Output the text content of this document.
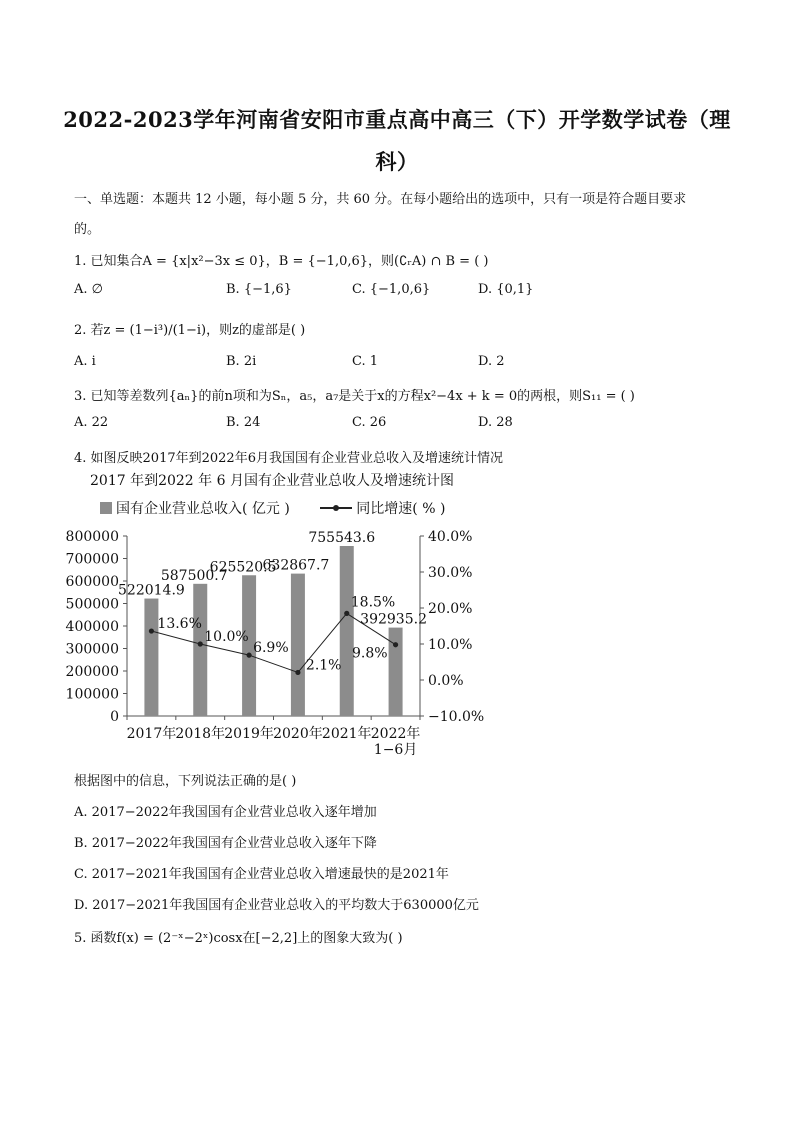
2022-2023学年河南省安阳市重点高中高三（下）开学数学试卷（理
科）
一、单选题：本题共 12 小题，每小题 5 分，共 60 分。在每小题给出的选项中，只有一项是符合题目要求
的。
1. 已知集合A = {x|x²−3x ≤ 0}，B = {−1,0,6}，则(∁ᵣA) ∩ B = ( )
A. ∅	B. {−1,6}	C. {−1,0,6}	D. {0,1}
2. 若z = (1−i³)/(1−i)，则z的虚部是( )
A. i	B. 2i	C. 1	D. 2
3. 已知等差数列{aₙ}的前n项和为Sₙ，a₅，a₇是关于x的方程x²−4x + k = 0的两根，则S₁₁ = ( )
A. 22	B. 24	C. 26	D. 28
4. 如图反映2017年到2022年6月我国国有企业营业总收入及增速统计情况
2017 年到2022 年 6 月国有企业营业总收人及增速统计图
国有企业营业总收入( 亿元 )	同比增速( % )
0
100000
200000
300000
400000
500000
600000
700000
800000
−10.0%
0.0%
10.0%
20.0%
30.0%
40.0%
2017年 2018年 2019年 2020年 2021年 2022年
1−6月
522014.9
587500.7
625520.5
632867.7
755543.6
392935.2
13.6%
10.0%
6.9%
2.1%
18.5%
9.8%
根据图中的信息，下列说法正确的是( )
A. 2017−2022年我国国有企业营业总收入逐年增加
B. 2017−2022年我国国有企业营业总收入逐年下降
C. 2017−2021年我国国有企业营业总收入增速最快的是2021年
D. 2017−2021年我国国有企业营业总收入的平均数大于630000亿元
5. 函数f(x) = (2⁻ˣ−2ˣ)cosx在[−2,2]上的图象大致为( )
